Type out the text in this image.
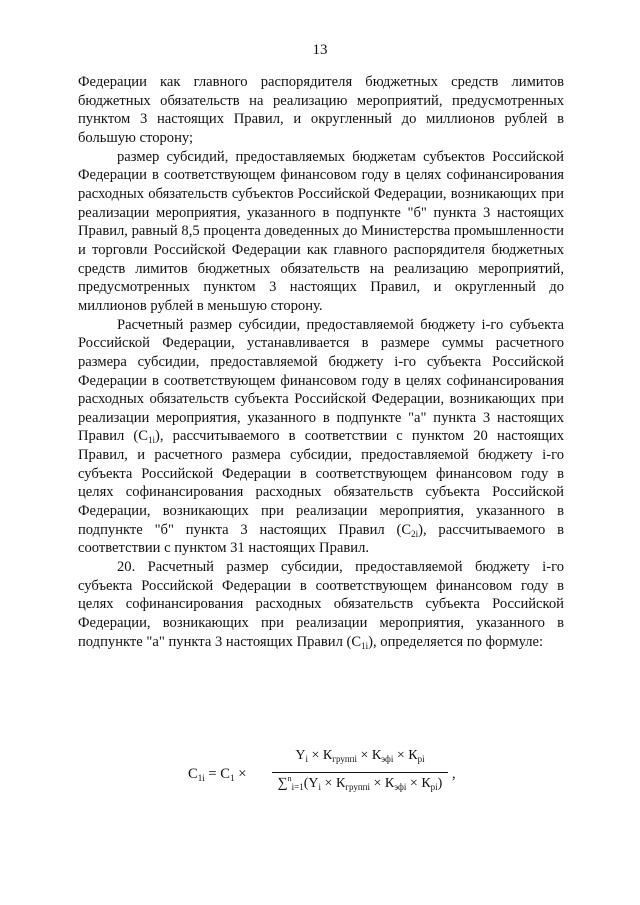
13

Федерации как главного распорядителя бюджетных средств лимитов бюджетных обязательств на реализацию мероприятий, предусмотренных пунктом 3 настоящих Правил, и округленный до миллионов рублей в большую сторону;

размер субсидий, предоставляемых бюджетам субъектов Российской Федерации в соответствующем финансовом году в целях софинансирования расходных обязательств субъектов Российской Федерации, возникающих при реализации мероприятия, указанного в подпункте "б" пункта 3 настоящих Правил, равный 8,5 процента доведенных до Министерства промышленности и торговли Российской Федерации как главного распорядителя бюджетных средств лимитов бюджетных обязательств на реализацию мероприятий, предусмотренных пунктом 3 настоящих Правил, и округленный до миллионов рублей в меньшую сторону.

Расчетный размер субсидии, предоставляемой бюджету i-го субъекта Российской Федерации, устанавливается в размере суммы расчетного размера субсидии, предоставляемой бюджету i-го субъекта Российской Федерации в соответствующем финансовом году в целях софинансирования расходных обязательств субъекта Российской Федерации, возникающих при реализации мероприятия, указанного в подпункте "а" пункта 3 настоящих Правил $(С_{1i})$, рассчитываемого в соответствии с пунктом 20 настоящих Правил, и расчетного размера субсидии, предоставляемой бюджету i-го субъекта Российской Федерации в соответствующем финансовом году в целях софинансирования расходных обязательств субъекта Российской Федерации, возникающих при реализации мероприятия, указанного в подпункте "б" пункта 3 настоящих Правил $(С_{2i})$, рассчитываемого в соответствии с пунктом 31 настоящих Правил.

20. Расчетный размер субсидии, предоставляемой бюджету i-го субъекта Российской Федерации в соответствующем финансовом году в целях софинансирования расходных обязательств субъекта Российской Федерации, возникающих при реализации мероприятия, указанного в подпункте "а" пункта 3 настоящих Правил $(С_{1i})$, определяется по формуле:

$С_{1i} = С_1$ ×
$Y_i \times К_{группi} \times К_{эфi} \times К_{рi}$
$\sum^n_{i=1}(Y_i \times К_{группi} \times К_{эфi} \times К_{рi})$
,
